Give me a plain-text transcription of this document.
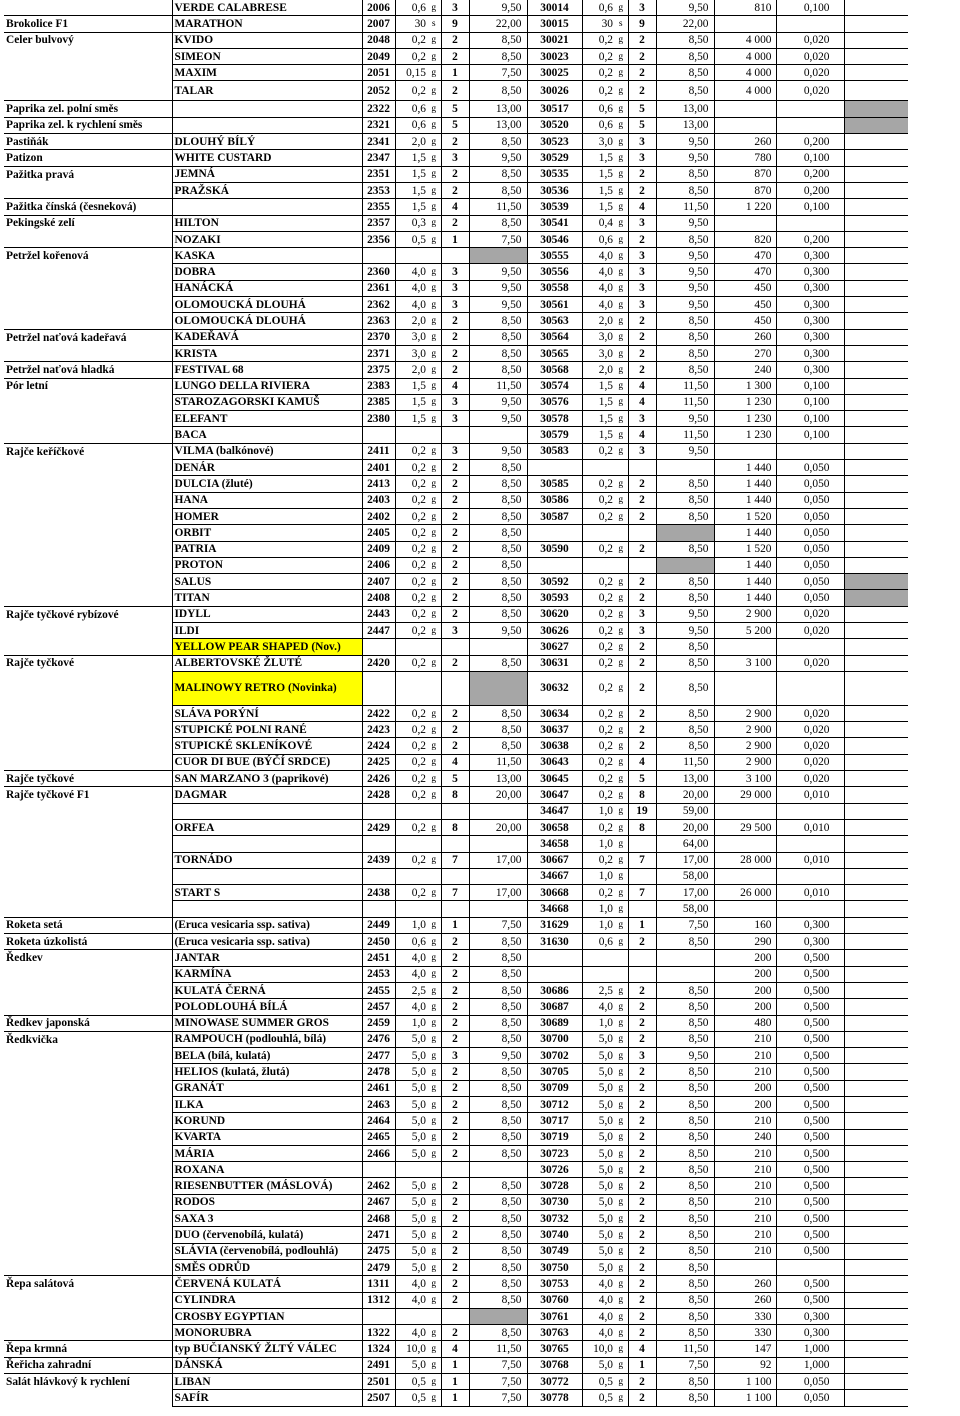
	VERDE CALABRESE	2006	0,6	g	3	9,50	30014	0,6	g	3	9,50	810	0,100	
Brokolice F1	MARATHON	2007	30	s	9	22,00	30015	30	s	9	22,00			
Celer bulvový	KVIDO	2048	0,2	g	2	8,50	30021	0,2	g	2	8,50	4 000	0,020	
	SIMEON	2049	0,2	g	2	8,50	30023	0,2	g	2	8,50	4 000	0,020	
	MAXIM	2051	0,15	g	1	7,50	30025	0,2	g	2	8,50	4 000	0,020	
	TALAR	2052	0,2	g	2	8,50	30026	0,2	g	2	8,50	4 000	0,020	
Paprika zel. polní směs		2322	0,6	g	5	13,00	30517	0,6	g	5	13,00			
Paprika zel. k rychlení směs		2321	0,6	g	5	13,00	30520	0,6	g	5	13,00			
Pastiňák	DLOUHÝ BÍLÝ	2341	2,0	g	2	8,50	30523	3,0	g	3	9,50	260	0,200	
Patizon	WHITE CUSTARD	2347	1,5	g	3	9,50	30529	1,5	g	3	9,50	780	0,100	
Pažitka pravá	JEMNÁ	2351	1,5	g	2	8,50	30535	1,5	g	2	8,50	870	0,200	
	PRAŽSKÁ	2353	1,5	g	2	8,50	30536	1,5	g	2	8,50	870	0,200	
Pažitka čínská (česneková)		2355	1,5	g	4	11,50	30539	1,5	g	4	11,50	1 220	0,100	
Pekingské zelí	HILTON	2357	0,3	g	2	8,50	30541	0,4	g	3	9,50			
	NOZAKI	2356	0,5	g	1	7,50	30546	0,6	g	2	8,50	820	0,200	
Petržel kořenová	KASKA						30555	4,0	g	3	9,50	470	0,300	
	DOBRA	2360	4,0	g	3	9,50	30556	4,0	g	3	9,50	470	0,300	
	HANÁCKÁ	2361	4,0	g	3	9,50	30558	4,0	g	3	9,50	450	0,300	
	OLOMOUCKÁ DLOUHÁ	2362	4,0	g	3	9,50	30561	4,0	g	3	9,50	450	0,300	
	OLOMOUCKÁ DLOUHÁ	2363	2,0	g	2	8,50	30563	2,0	g	2	8,50	450	0,300	
Petržel naťová kadeřavá	KADEŘAVÁ	2370	3,0	g	2	8,50	30564	3,0	g	2	8,50	260	0,300	
	KRISTA	2371	3,0	g	2	8,50	30565	3,0	g	2	8,50	270	0,300	
Petržel naťová hladká	FESTIVAL 68	2375	2,0	g	2	8,50	30568	2,0	g	2	8,50	240	0,300	
Pór letní	LUNGO DELLA RIVIERA	2383	1,5	g	4	11,50	30574	1,5	g	4	11,50	1 300	0,100	
	STAROZAGORSKI KAMUŠ	2385	1,5	g	3	9,50	30576	1,5	g	4	11,50	1 230	0,100	
	ELEFANT	2380	1,5	g	3	9,50	30578	1,5	g	3	9,50	1 230	0,100	
	BACA						30579	1,5	g	4	11,50	1 230	0,100	
Rajče keříčkové	VILMA (balkónové)	2411	0,2	g	3	9,50	30583	0,2	g	3	9,50			
	DENÁR	2401	0,2	g	2	8,50						1 440	0,050	
	DULCIA (žluté)	2413	0,2	g	2	8,50	30585	0,2	g	2	8,50	1 440	0,050	
	HANA	2403	0,2	g	2	8,50	30586	0,2	g	2	8,50	1 440	0,050	
	HOMER	2402	0,2	g	2	8,50	30587	0,2	g	2	8,50	1 520	0,050	
	ORBIT	2405	0,2	g	2	8,50						1 440	0,050	
	PATRIA	2409	0,2	g	2	8,50	30590	0,2	g	2	8,50	1 520	0,050	
	PROTON	2406	0,2	g	2	8,50						1 440	0,050	
	SALUS	2407	0,2	g	2	8,50	30592	0,2	g	2	8,50	1 440	0,050	
	TITAN	2408	0,2	g	2	8,50	30593	0,2	g	2	8,50	1 440	0,050	
Rajče tyčkové rybízové	IDYLL	2443	0,2	g	2	8,50	30620	0,2	g	3	9,50	2 900	0,020	
	ILDI	2447	0,2	g	3	9,50	30626	0,2	g	3	9,50	5 200	0,020	
	YELLOW PEAR SHAPED (Nov.)						30627	0,2	g	2	8,50			
Rajče tyčkové	ALBERTOVSKÉ ŽLUTÉ	2420	0,2	g	2	8,50	30631	0,2	g	2	8,50	3 100	0,020	
	MALINOWY RETRO (Novinka)						30632	0,2	g	2	8,50			
	SLÁVA PORÝNÍ	2422	0,2	g	2	8,50	30634	0,2	g	2	8,50	2 900	0,020	
	STUPICKÉ POLNI RANÉ	2423	0,2	g	2	8,50	30637	0,2	g	2	8,50	2 900	0,020	
	STUPICKÉ SKLENÍKOVÉ	2424	0,2	g	2	8,50	30638	0,2	g	2	8,50	2 900	0,020	
	CUOR DI BUE (BÝČÍ SRDCE)	2425	0,2	g	4	11,50	30643	0,2	g	4	11,50	2 900	0,020	
Rajče tyčkové	SAN MARZANO 3 (paprikové)	2426	0,2	g	5	13,00	30645	0,2	g	5	13,00	3 100	0,020	
Rajče tyčkové F1	DAGMAR	2428	0,2	g	8	20,00	30647	0,2	g	8	20,00	29 000	0,010	
							34647	1,0	g	19	59,00			
	ORFEA	2429	0,2	g	8	20,00	30658	0,2	g	8	20,00	29 500	0,010	
							34658	1,0	g		64,00			
	TORNÁDO	2439	0,2	g	7	17,00	30667	0,2	g	7	17,00	28 000	0,010	
							34667	1,0	g		58,00			
	START S	2438	0,2	g	7	17,00	30668	0,2	g	7	17,00	26 000	0,010	
							34668	1,0	g		58,00			
Roketa setá	(Eruca vesicaria ssp. sativa)	2449	1,0	g	1	7,50	31629	1,0	g	1	7,50	160	0,300	
Roketa úzkolistá	(Eruca vesicaria ssp. sativa)	2450	0,6	g	2	8,50	31630	0,6	g	2	8,50	290	0,300	
Ředkev	JANTAR	2451	4,0	g	2	8,50						200	0,500	
	KARMÍNA	2453	4,0	g	2	8,50						200	0,500	
	KULATÁ ČERNÁ	2455	2,5	g	2	8,50	30686	2,5	g	2	8,50	200	0,500	
	POLODLOUHÁ BÍLÁ	2457	4,0	g	2	8,50	30687	4,0	g	2	8,50	200	0,500	
Ředkev japonská	MINOWASE SUMMER GROS	2459	1,0	g	2	8,50	30689	1,0	g	2	8,50	480	0,500	
Ředkvička	RAMPOUCH (podlouhlá, bílá)	2476	5,0	g	2	8,50	30700	5,0	g	2	8,50	210	0,500	
	BELA (bílá, kulatá)	2477	5,0	g	3	9,50	30702	5,0	g	3	9,50	210	0,500	
	HELIOS (kulatá, žlutá)	2478	5,0	g	2	8,50	30705	5,0	g	2	8,50	210	0,500	
	GRANÁT	2461	5,0	g	2	8,50	30709	5,0	g	2	8,50	200	0,500	
	ILKA	2463	5,0	g	2	8,50	30712	5,0	g	2	8,50	200	0,500	
	KORUND	2464	5,0	g	2	8,50	30717	5,0	g	2	8,50	210	0,500	
	KVARTA	2465	5,0	g	2	8,50	30719	5,0	g	2	8,50	240	0,500	
	MÁRIA	2466	5,0	g	2	8,50	30723	5,0	g	2	8,50	210	0,500	
	ROXANA						30726	5,0	g	2	8,50	210	0,500	
	RIESENBUTTER (MÁSLOVÁ)	2462	5,0	g	2	8,50	30728	5,0	g	2	8,50	210	0,500	
	RODOS	2467	5,0	g	2	8,50	30730	5,0	g	2	8,50	210	0,500	
	SAXA 3	2468	5,0	g	2	8,50	30732	5,0	g	2	8,50	210	0,500	
	DUO (červenobílá, kulatá)	2471	5,0	g	2	8,50	30740	5,0	g	2	8,50	210	0,500	
	SLÁVIA (červenobílá, podlouhlá)	2475	5,0	g	2	8,50	30749	5,0	g	2	8,50	210	0,500	
	SMĚS ODRŮD	2479	5,0	g	2	8,50	30750	5,0	g	2	8,50			
Řepa salátová	ČERVENÁ KULATÁ	1311	4,0	g	2	8,50	30753	4,0	g	2	8,50	260	0,500	
	CYLINDRA	1312	4,0	g	2	8,50	30760	4,0	g	2	8,50	260	0,500	
	CROSBY EGYPTIAN						30761	4,0	g	2	8,50	330	0,300	
	MONORUBRA	1322	4,0	g	2	8,50	30763	4,0	g	2	8,50	330	0,300	
Řepa krmná	typ BUČIANSKÝ ŽLTÝ VÁLEC	1324	10,0	g	4	11,50	30765	10,0	g	4	11,50	147	1,000	
Řeřicha zahradní	DÁNSKÁ	2491	5,0	g	1	7,50	30768	5,0	g	1	7,50	92	1,000	
Salát hlávkový k rychlení	LIBAN	2501	0,5	g	1	7,50	30772	0,5	g	2	8,50	1 100	0,050	
	SAFÍR	2507	0,5	g	1	7,50	30778	0,5	g	2	8,50	1 100	0,050	
